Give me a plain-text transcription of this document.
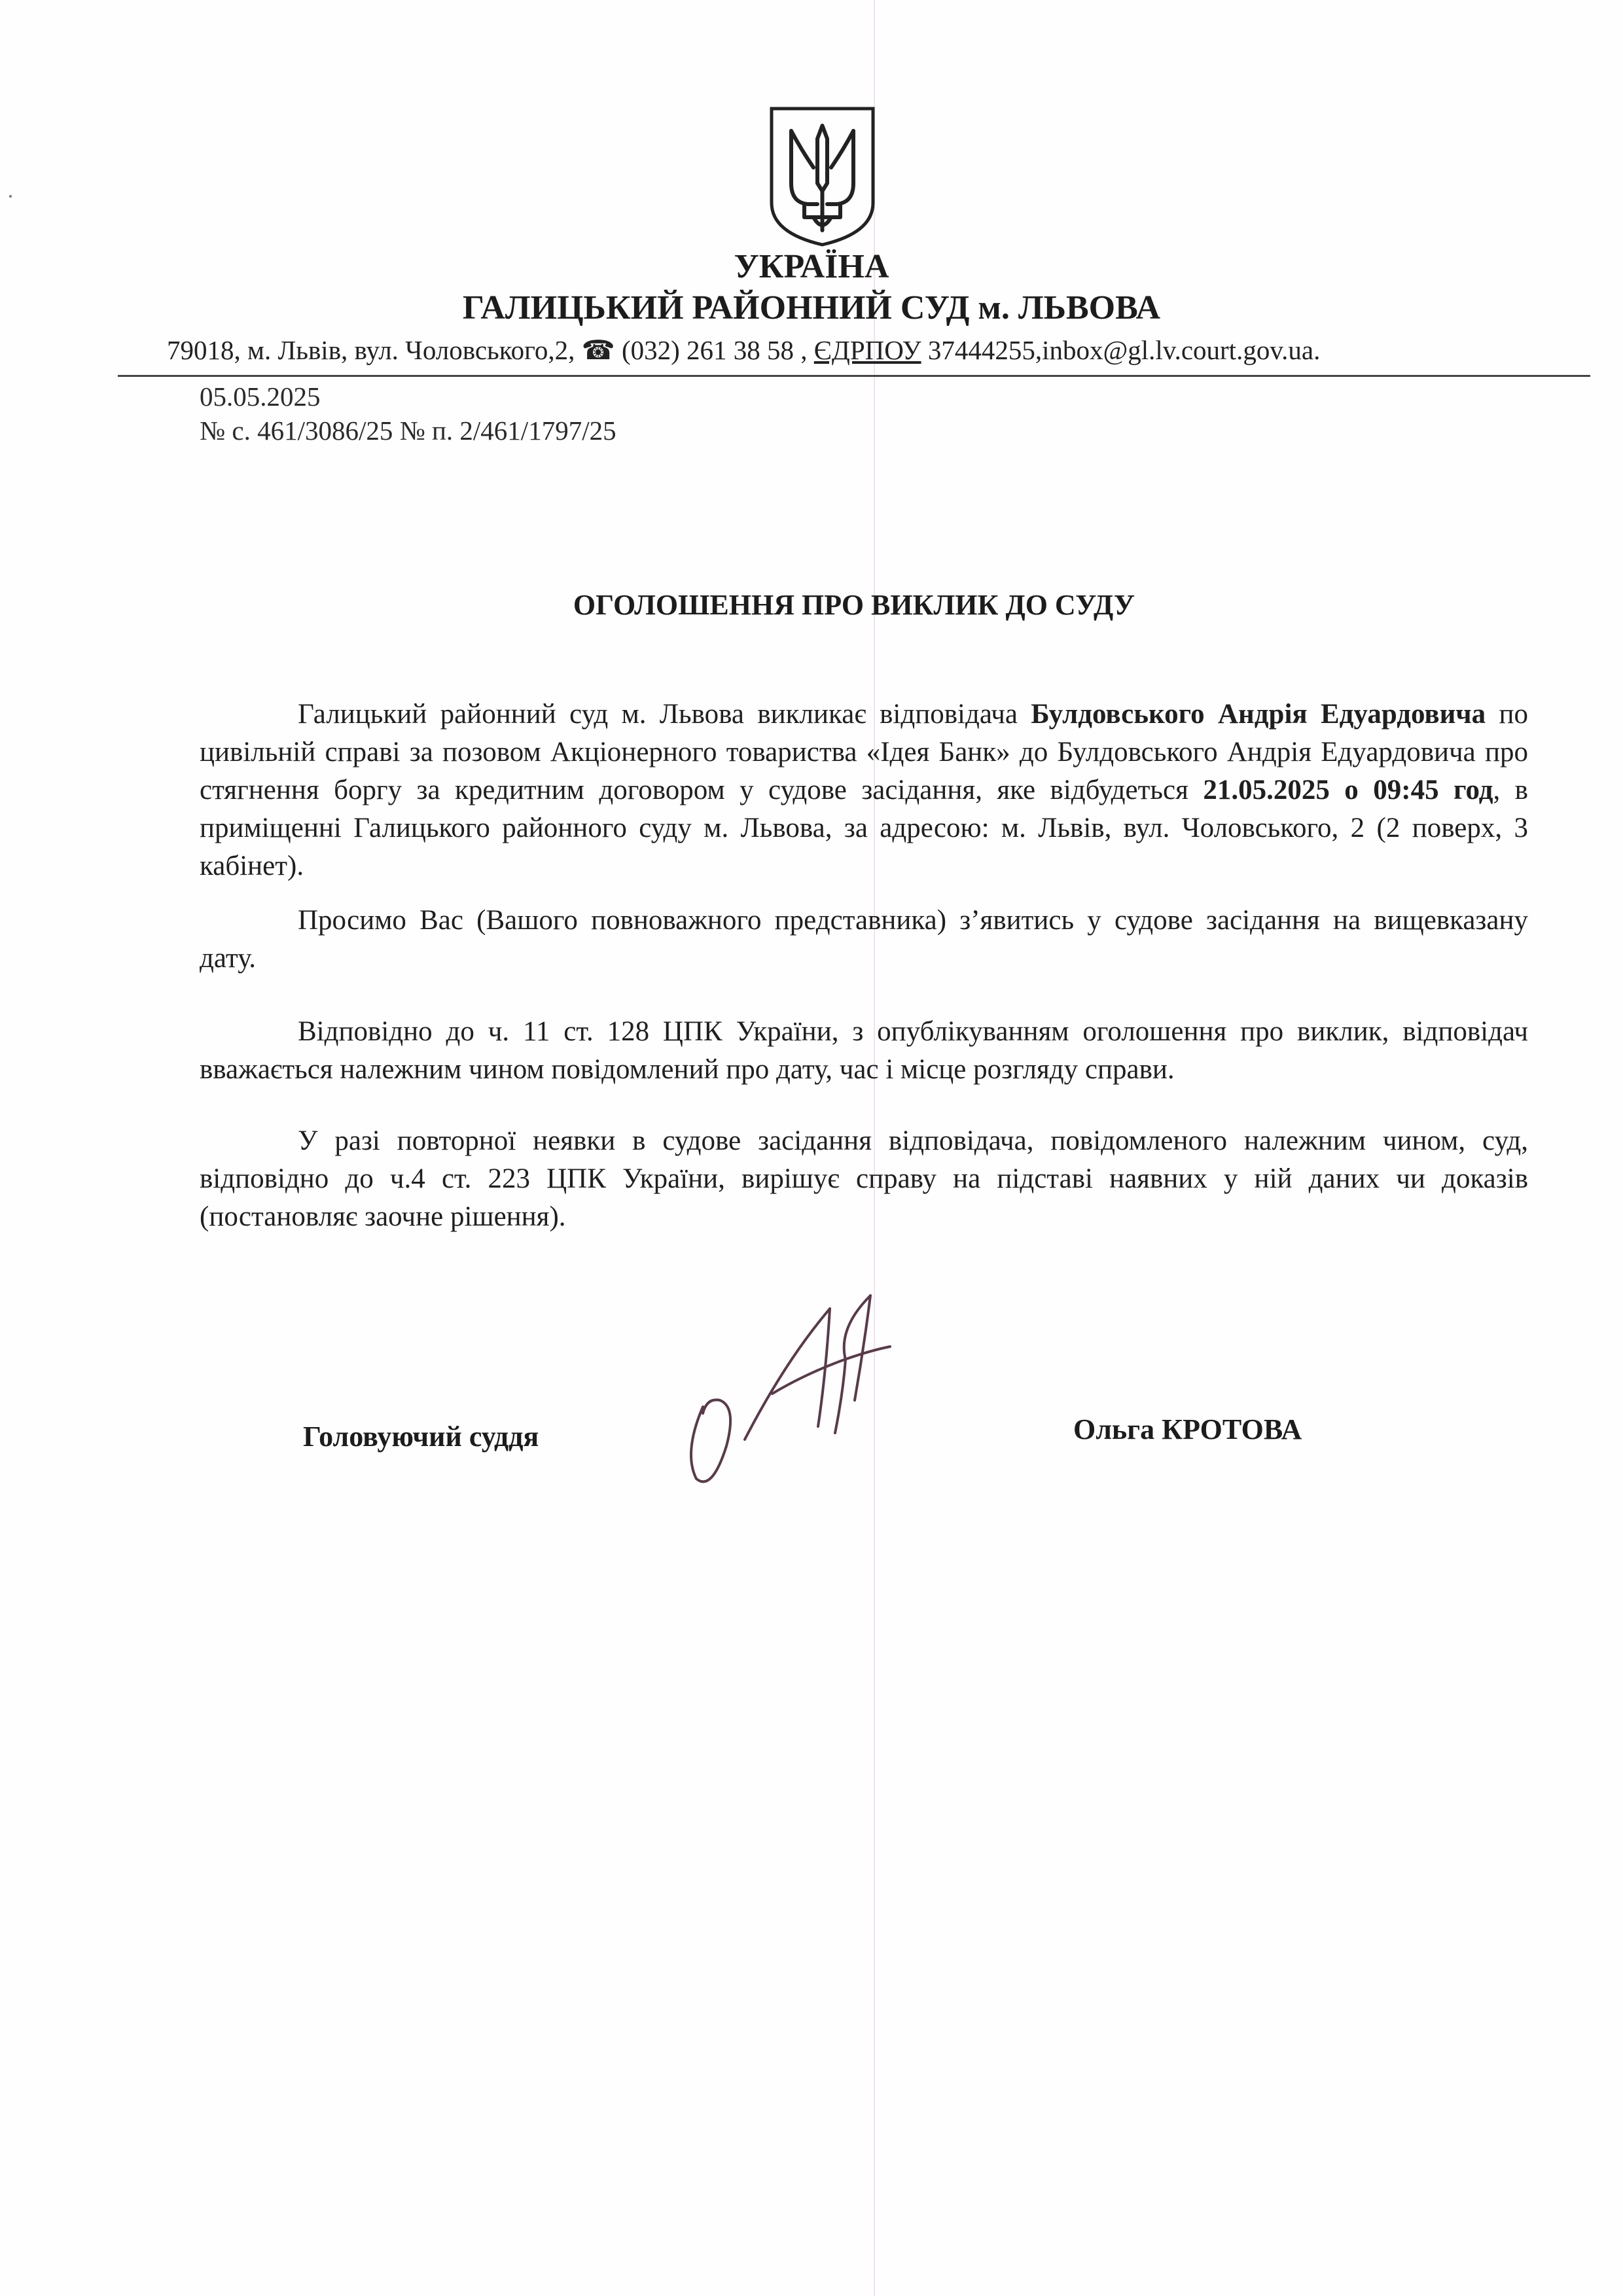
УКРАЇНА
ГАЛИЦЬКИЙ РАЙОННИЙ СУД м. ЛЬВОВА
79018, м. Львів, вул. Чоловського,2, ☎ (032) 261 38 58 , ЄДРПОУ 37444255,inbox@gl.lv.court.gov.ua.
05.05.2025
№ с. 461/3086/25 № п. 2/461/1797/25
ОГОЛОШЕННЯ ПРО ВИКЛИК ДО СУДУ

Галицький районний суд м. Львова викликає відповідача Булдовського Андрія Едуардовича по цивільній справі за позовом Акціонерного товариства «Ідея Банк» до Булдовського Андрія Едуардовича про стягнення боргу за кредитним договором у судове засідання, яке відбудеться 21.05.2025 о 09:45 год, в приміщенні Галицького районного суду м. Львова, за адресою: м. Львів, вул. Чоловського, 2 (2 поверх, 3 кабінет).

Просимо Вас (Вашого повноважного представника) з’явитись у судове засідання на вищевказану дату.

Відповідно до ч. 11 ст. 128 ЦПК України, з опублікуванням оголошення про виклик, відповідач вважається належним чином повідомлений про дату, час і місце розгляду справи.

У разі повторної неявки в судове засідання відповідача, повідомленого належним чином, суд, відповідно до ч.4 ст. 223 ЦПК України, вирішує справу на підставі наявних у ній даних чи доказів (постановляє заочне рішення).

Головуючий суддя	Ольга КРОТОВА
